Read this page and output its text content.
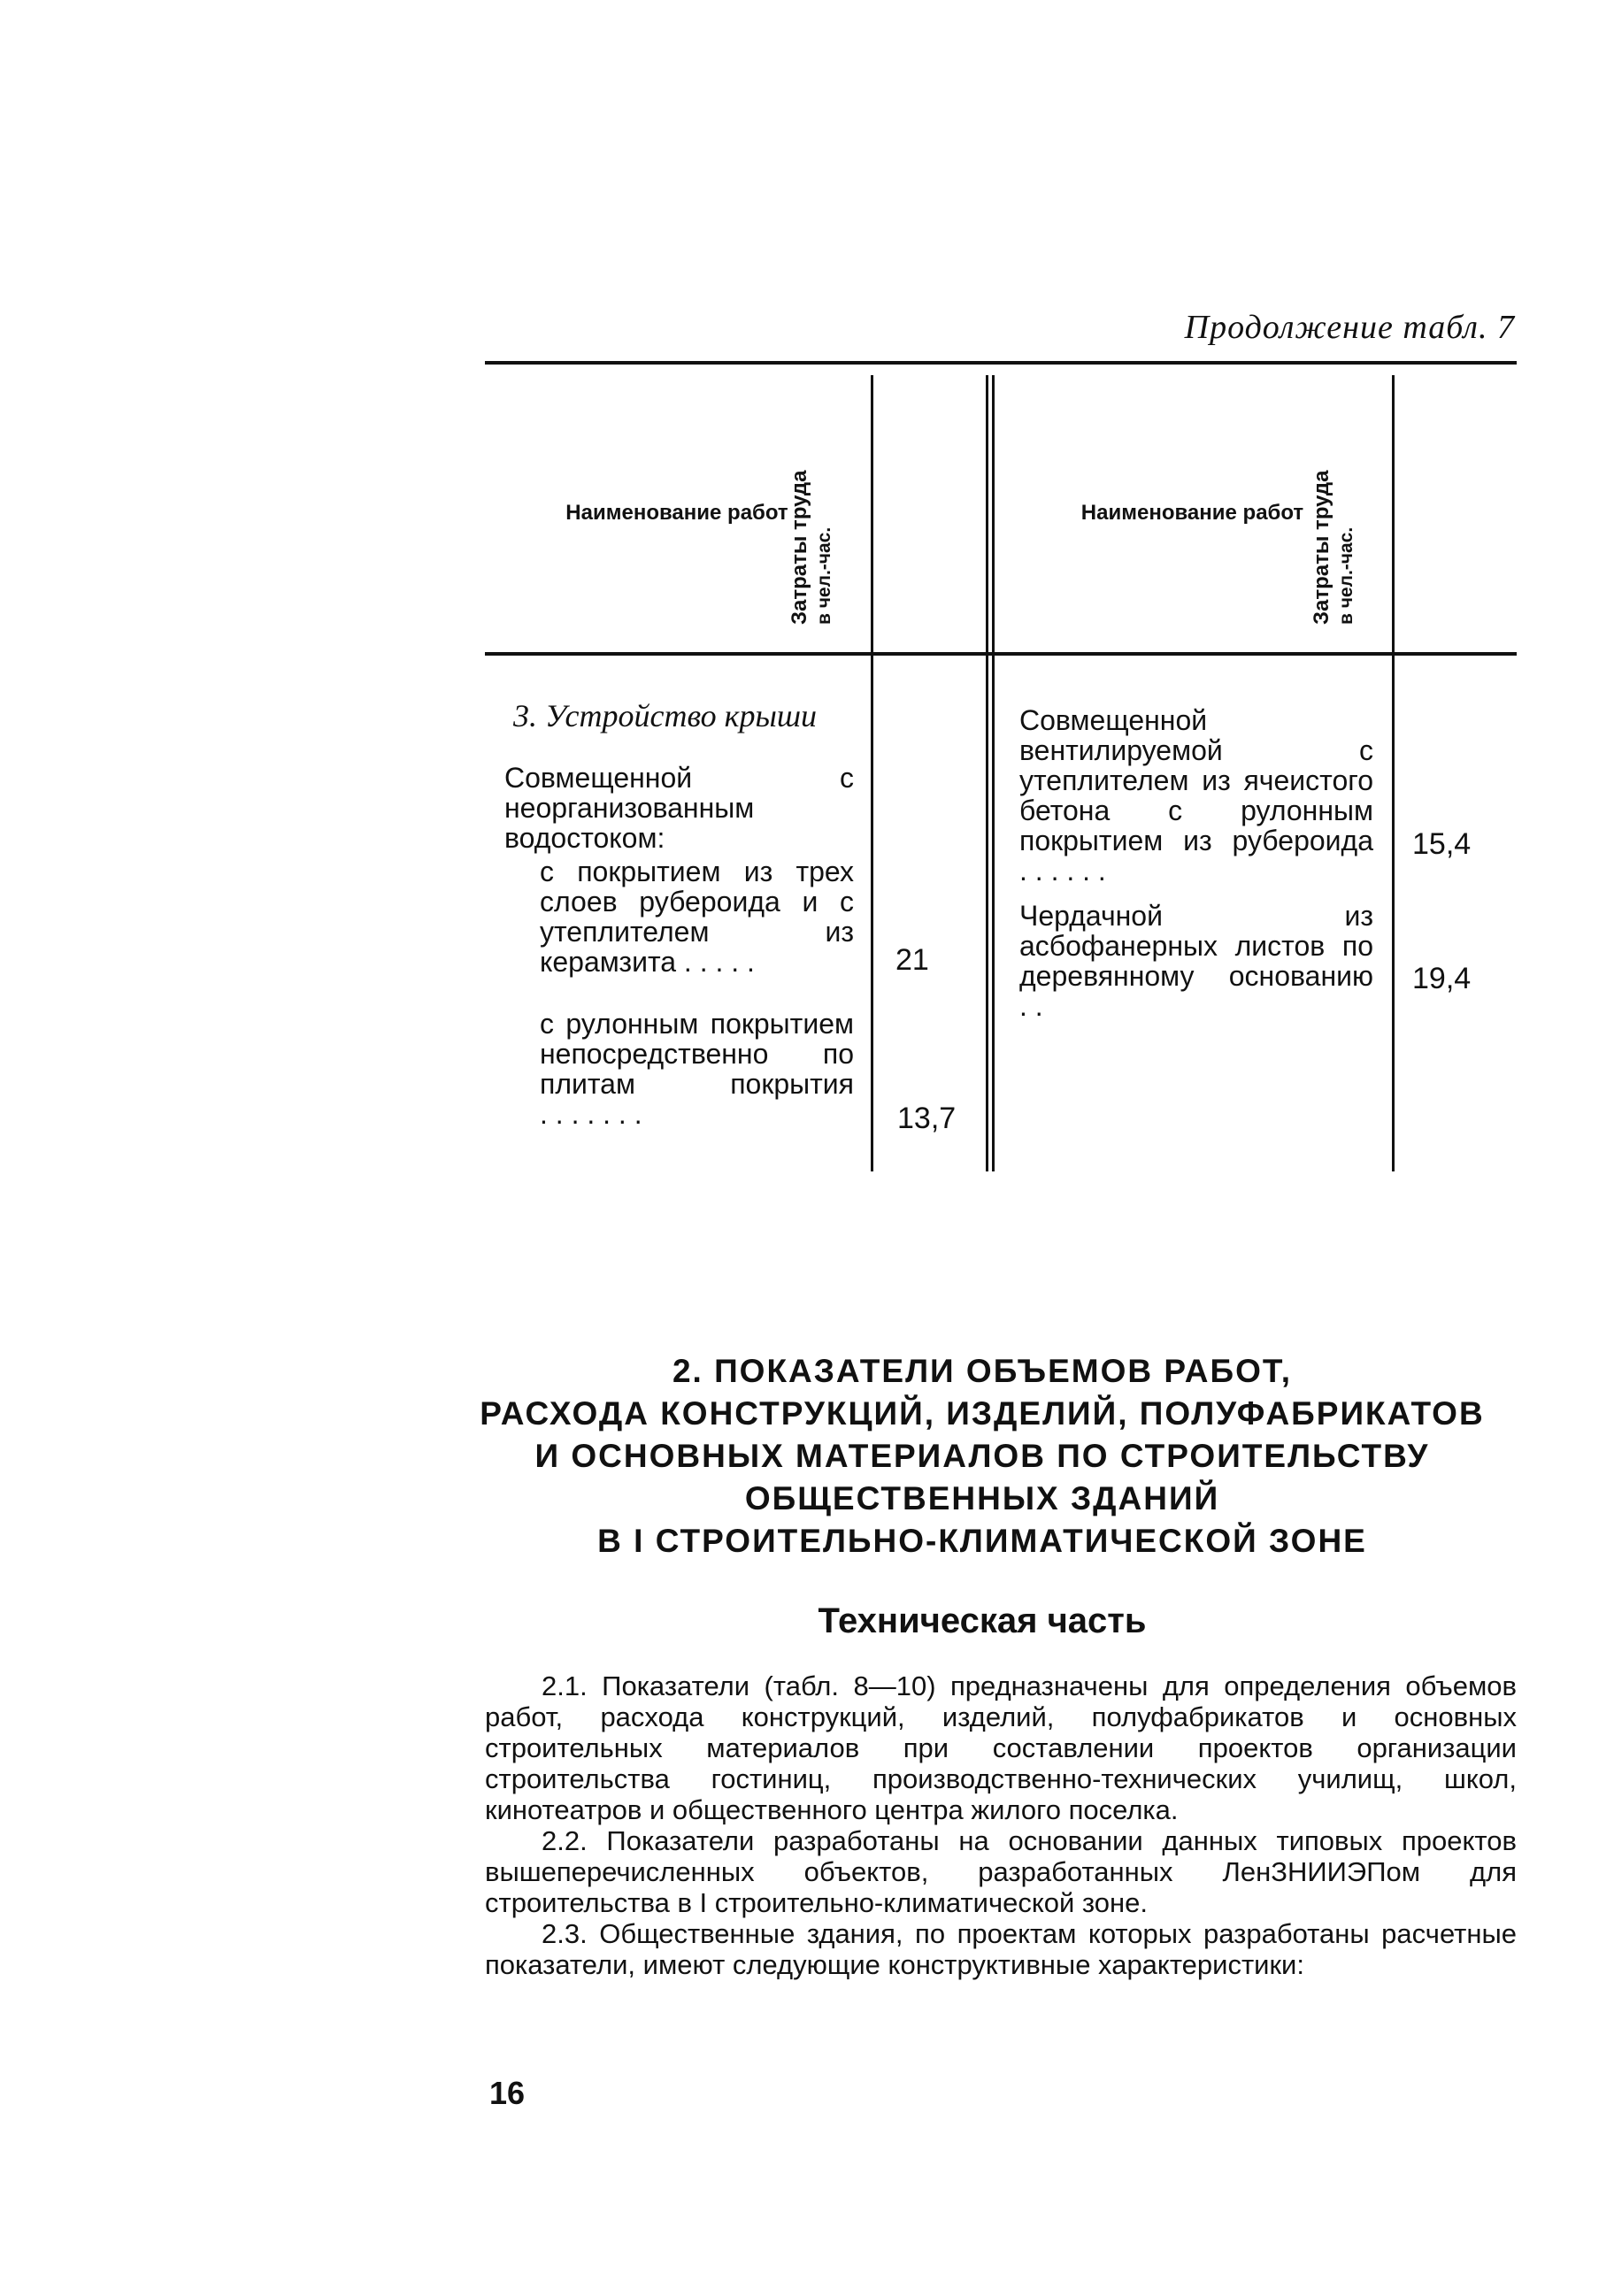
Продолжение табл. 7
Наименование работ Затраты труда в чел.-час.
Наименование работ Затраты труда в чел.-час.
3. Устройство крыши
Совмещенной с неорганизованным водостоком:
с покрытием из трех слоев рубероида и с утеплителем из керамзита . . . . .	21
с рулонным покрытием непосредственно по плитам покрытия . . . . . . .	13,7
Совмещенной вентилируемой с утеплителем из ячеистого бетона с рулонным покрытием из рубероида . . . . . .
15,4
Чердачной из асбофанерных листов по деревянному основанию . .
19,4
2. ПОКАЗАТЕЛИ ОБЪЕМОВ РАБОТ,
РАСХОДА КОНСТРУКЦИЙ, ИЗДЕЛИЙ, ПОЛУФАБРИКАТОВ
И ОСНОВНЫХ МАТЕРИАЛОВ ПО СТРОИТЕЛЬСТВУ
ОБЩЕСТВЕННЫХ ЗДАНИЙ
В I СТРОИТЕЛЬНО-КЛИМАТИЧЕСКОЙ ЗОНЕ
Техническая часть
2.1. Показатели (табл. 8—10) предназначены для определения объемов работ, расхода конструкций, изделий, полуфабрикатов и основных строительных материалов при составлении проектов организации строительства гостиниц, производственно-технических училищ, школ, кинотеатров и общественного центра жилого поселка.
2.2. Показатели разработаны на основании данных типовых проектов вышеперечисленных объектов, разработанных ЛенЗНИИЭПом для строительства в I строительно-климатической зоне.
2.3. Общественные здания, по проектам которых разработаны расчетные показатели, имеют следующие конструктивные характеристики:
16
